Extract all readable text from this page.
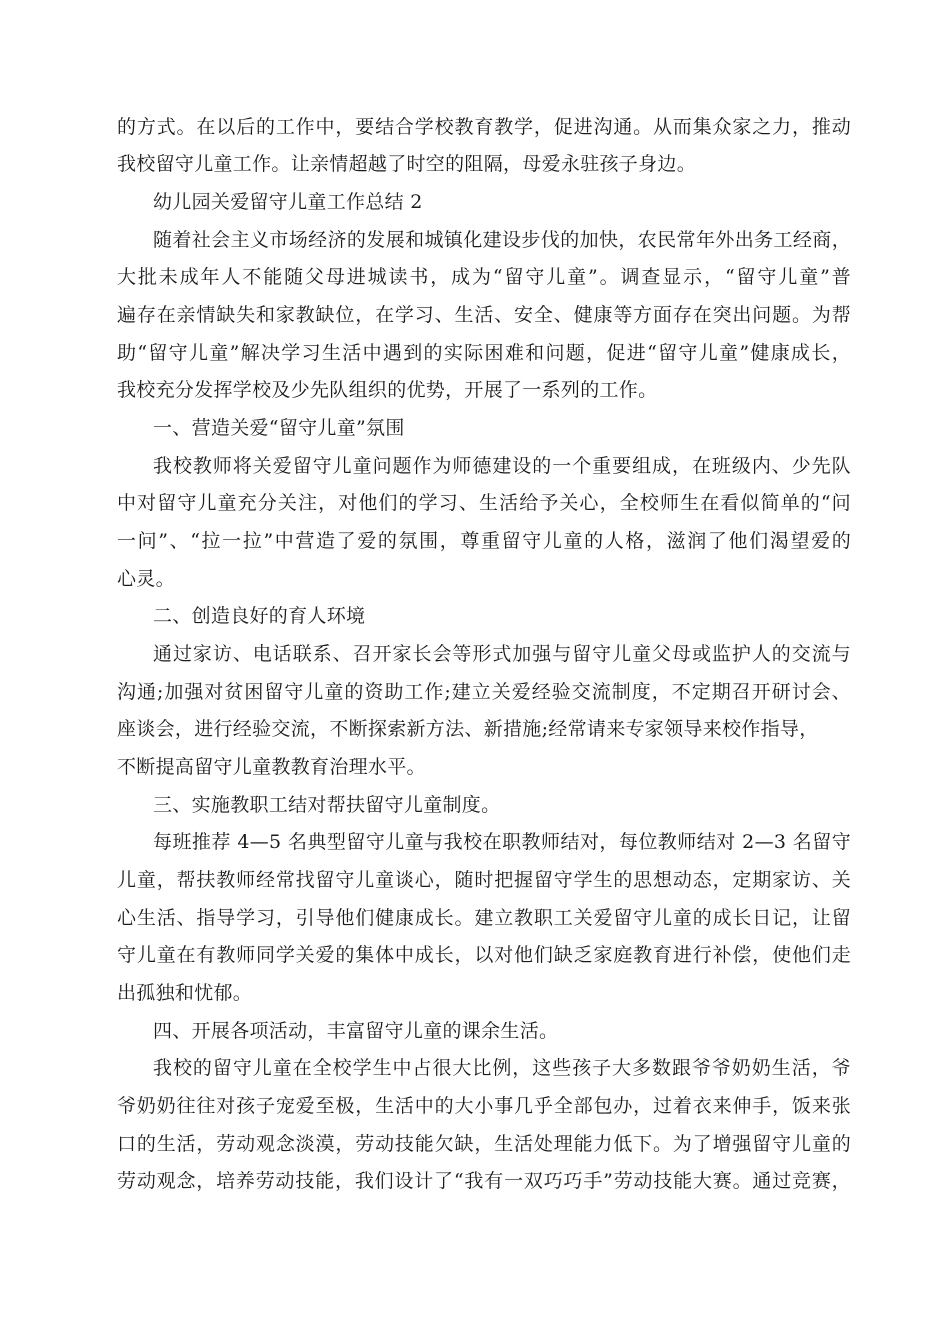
的方式。在以后的工作中，要结合学校教育教学，促进沟通。从而集众家之力，推动
我校留守儿童工作。让亲情超越了时空的阻隔，母爱永驻孩子身边。
幼儿园关爱留守儿童工作总结 2
随着社会主义市场经济的发展和城镇化建设步伐的加快，农民常年外出务工经商，
大批未成年人不能随父母进城读书，成为“留守儿童”。调查显示，“留守儿童”普
遍存在亲情缺失和家教缺位，在学习、生活、安全、健康等方面存在突出问题。为帮
助“留守儿童”解决学习生活中遇到的实际困难和问题，促进“留守儿童”健康成长，
我校充分发挥学校及少先队组织的优势，开展了一系列的工作。
一、营造关爱“留守儿童”氛围
我校教师将关爱留守儿童问题作为师德建设的一个重要组成，在班级内、少先队
中对留守儿童充分关注，对他们的学习、生活给予关心，全校师生在看似简单的“问
一问”、“拉一拉”中营造了爱的氛围，尊重留守儿童的人格，滋润了他们渴望爱的
心灵。
二、创造良好的育人环境
通过家访、电话联系、召开家长会等形式加强与留守儿童父母或监护人的交流与
沟通;加强对贫困留守儿童的资助工作;建立关爱经验交流制度，不定期召开研讨会、
座谈会，进行经验交流，不断探索新方法、新措施;经常请来专家领导来校作指导，
不断提高留守儿童教教育治理水平。
三、实施教职工结对帮扶留守儿童制度。
每班推荐 4—5 名典型留守儿童与我校在职教师结对，每位教师结对 2—3 名留守
儿童，帮扶教师经常找留守儿童谈心，随时把握留守学生的思想动态，定期家访、关
心生活、指导学习，引导他们健康成长。建立教职工关爱留守儿童的成长日记，让留
守儿童在有教师同学关爱的集体中成长，以对他们缺乏家庭教育进行补偿，使他们走
出孤独和忧郁。
四、开展各项活动，丰富留守儿童的课余生活。
我校的留守儿童在全校学生中占很大比例，这些孩子大多数跟爷爷奶奶生活，爷
爷奶奶往往对孩子宠爱至极，生活中的大小事几乎全部包办，过着衣来伸手，饭来张
口的生活，劳动观念淡漠，劳动技能欠缺，生活处理能力低下。为了增强留守儿童的
劳动观念，培养劳动技能，我们设计了“我有一双巧巧手”劳动技能大赛。通过竞赛，
